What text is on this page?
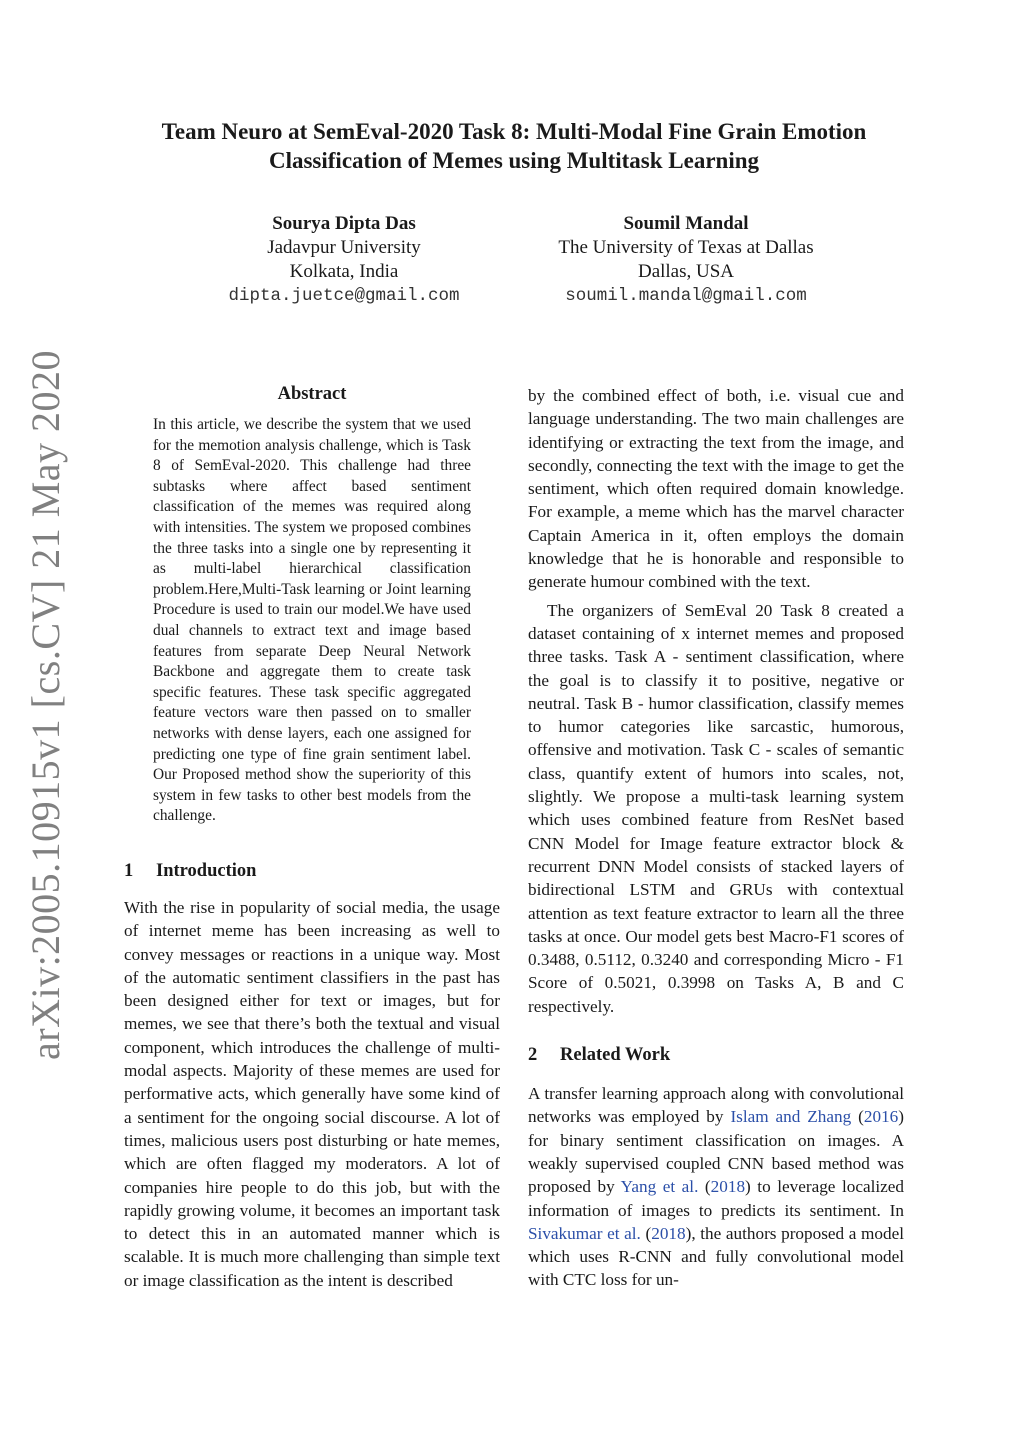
arXiv:2005.10915v1 [cs.CV] 21 May 2020
Team Neuro at SemEval-2020 Task 8: Multi-Modal Fine Grain Emotion
Classification of Memes using Multitask Learning
Sourya Dipta Das
Jadavpur University
Kolkata, India
dipta.juetce@gmail.com
Soumil Mandal
The University of Texas at Dallas
Dallas, USA
soumil.mandal@gmail.com
Abstract

In this article, we describe the system that we used for the memotion analysis challenge, which is Task 8 of SemEval-2020. This challenge had three subtasks where affect based sentiment classification of the memes was required along with intensities. The system we proposed combines the three tasks into a single one by representing it as multi-label hierarchical classification problem.Here,Multi-Task learning or Joint learning Procedure is used to train our model.We have used dual channels to extract text and image based features from separate Deep Neural Network Backbone and aggregate them to create task specific features. These task specific aggregated feature vectors ware then passed on to smaller networks with dense layers, each one assigned for predicting one type of fine grain sentiment label. Our Proposed method show the superiority of this system in few tasks to other best models from the challenge.

1 Introduction

With the rise in popularity of social media, the usage of internet meme has been increasing as well to convey messages or reactions in a unique way. Most of the automatic sentiment classifiers in the past has been designed either for text or images, but for memes, we see that there’s both the textual and visual component, which introduces the challenge of multi-modal aspects. Majority of these memes are used for performative acts, which generally have some kind of a sentiment for the ongoing social discourse. A lot of times, malicious users post disturbing or hate memes, which are often flagged my moderators. A lot of companies hire people to do this job, but with the rapidly growing volume, it becomes an important task to detect this in an automated manner which is scalable. It is much more challenging than simple text or image classification as the intent is described

by the combined effect of both, i.e. visual cue and language understanding. The two main challenges are identifying or extracting the text from the image, and secondly, connecting the text with the image to get the sentiment, which often required domain knowledge. For example, a meme which has the marvel character Captain America in it, often employs the domain knowledge that he is honorable and responsible to generate humour combined with the text.

The organizers of SemEval 20 Task 8 created a dataset containing of x internet memes and proposed three tasks. Task A - sentiment classification, where the goal is to classify it to positive, negative or neutral. Task B - humor classification, classify memes to humor categories like sarcastic, humorous, offensive and motivation. Task C - scales of semantic class, quantify extent of humors into scales, not, slightly. We propose a multi-task learning system which uses combined feature from ResNet based CNN Model for Image feature extractor block & recurrent DNN Model consists of stacked layers of bidirectional LSTM and GRUs with contextual attention as text feature extractor to learn all the three tasks at once. Our model gets best Macro-F1 scores of 0.3488, 0.5112, 0.3240 and corresponding Micro - F1 Score of 0.5021, 0.3998 on Tasks A, B and C respectively.

2 Related Work

A transfer learning approach along with convolutional networks was employed by Islam and Zhang (2016) for binary sentiment classification on images. A weakly supervised coupled CNN based method was proposed by Yang et al. (2018) to leverage localized information of images to predicts its sentiment. In Sivakumar et al. (2018), the authors proposed a model which uses R-CNN and fully convolutional model with CTC loss for un-
